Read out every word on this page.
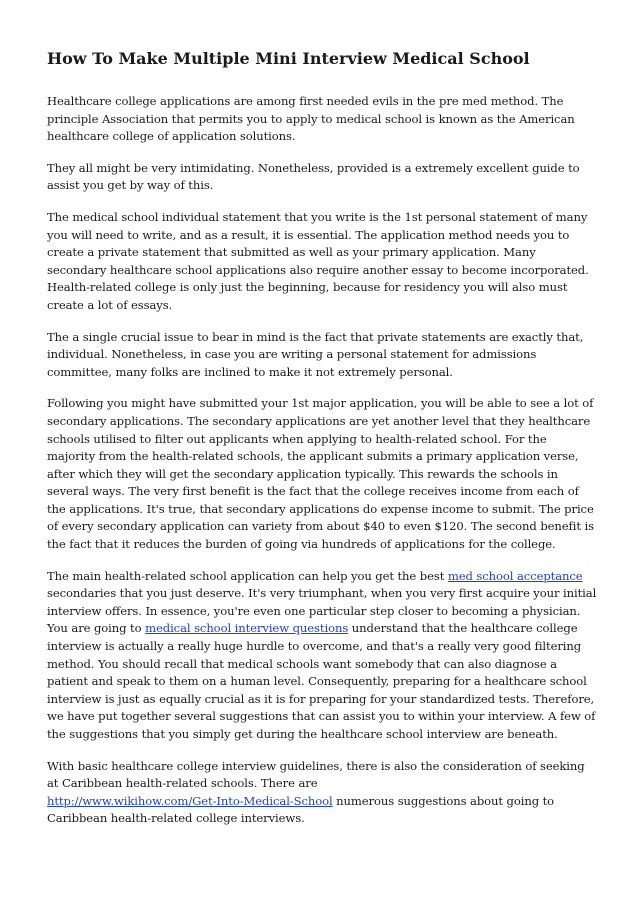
How To Make Multiple Mini Interview Medical School

Healthcare college applications are among first needed evils in the pre med method. The principle Association that permits you to apply to medical school is known as the American healthcare college of application solutions.

They all might be very intimidating. Nonetheless, provided is a extremely excellent guide to assist you get by way of this.

The medical school individual statement that you write is the 1st personal statement of many you will need to write, and as a result, it is essential. The application method needs you to create a private statement that submitted as well as your primary application. Many secondary healthcare school applications also require another essay to become incorporated. Health-related college is only just the beginning, because for residency you will also must create a lot of essays.

The a single crucial issue to bear in mind is the fact that private statements are exactly that, individual. Nonetheless, in case you are writing a personal statement for admissions committee, many folks are inclined to make it not extremely personal.

Following you might have submitted your 1st major application, you will be able to see a lot of secondary applications. The secondary applications are yet another level that they healthcare schools utilised to filter out applicants when applying to health-related school. For the majority from the health-related schools, the applicant submits a primary application verse, after which they will get the secondary application typically. This rewards the schools in several ways. The very first benefit is the fact that the college receives income from each of the applications. It's true, that secondary applications do expense income to submit. The price of every secondary application can variety from about $40 to even $120. The second benefit is the fact that it reduces the burden of going via hundreds of applications for the college.

The main health-related school application can help you get the best med school acceptance secondaries that you just deserve. It's very triumphant, when you very first acquire your initial interview offers. In essence, you're even one particular step closer to becoming a physician. You are going to medical school interview questions understand that the healthcare college interview is actually a really huge hurdle to overcome, and that's a really very good filtering method. You should recall that medical schools want somebody that can also diagnose a patient and speak to them on a human level. Consequently, preparing for a healthcare school interview is just as equally crucial as it is for preparing for your standardized tests. Therefore, we have put together several suggestions that can assist you to within your interview. A few of the suggestions that you simply get during the healthcare school interview are beneath.

With basic healthcare college interview guidelines, there is also the consideration of seeking at Caribbean health-related schools. There are http://www.wikihow.com/Get-Into-Medical-School numerous suggestions about going to Caribbean health-related college interviews.
